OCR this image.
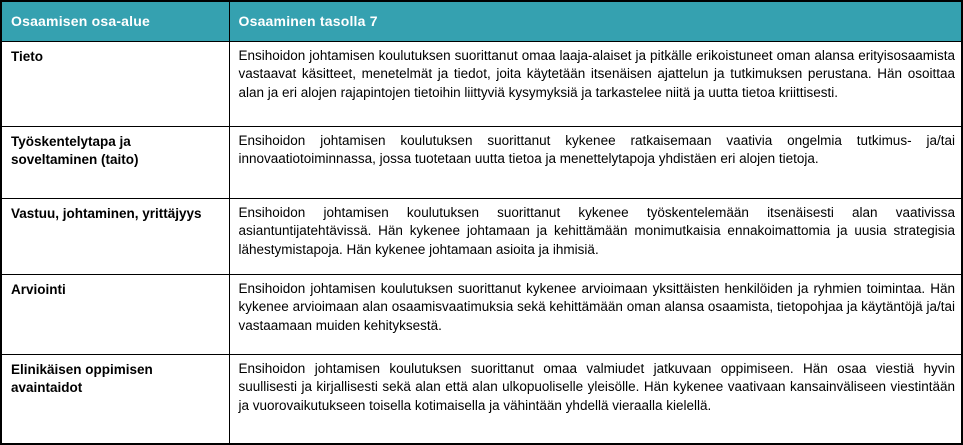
Osaamisen osa-alue	Osaaminen tasolla 7
Tieto	Ensihoidon johtamisen koulutuksen suorittanut omaa laaja-alaiset ja pitkälle erikoistuneet oman alansa erityisosaamista vastaavat käsitteet, menetelmät ja tiedot, joita käytetään itsenäisen ajattelun ja tutkimuksen perustana. Hän osoittaa alan ja eri alojen rajapintojen tietoihin liittyviä kysymyksiä ja tarkastelee niitä ja uutta tietoa kriittisesti.
Työskentelytapa ja soveltaminen (taito)	Ensihoidon johtamisen koulutuksen suorittanut kykenee ratkaisemaan vaativia ongelmia tutkimus- ja/tai innovaatiotoiminnassa, jossa tuotetaan uutta tietoa ja menettelytapoja yhdistäen eri alojen tietoja.
Vastuu, johtaminen, yrittäjyys	Ensihoidon johtamisen koulutuksen suorittanut kykenee työskentelemään itsenäisesti alan vaativissa asiantuntijatehtävissä. Hän kykenee johtamaan ja kehittämään monimutkaisia ennakoimattomia ja uusia strategisia lähestymistapoja. Hän kykenee johtamaan asioita ja ihmisiä.
Arviointi	Ensihoidon johtamisen koulutuksen suorittanut kykenee arvioimaan yksittäisten henkilöiden ja ryhmien toimintaa. Hän kykenee arvioimaan alan osaamisvaatimuksia sekä kehittämään oman alansa osaamista, tietopohjaa ja käytäntöjä ja/tai vastaamaan muiden kehityksestä.
Elinikäisen oppimisen avaintaidot	Ensihoidon johtamisen koulutuksen suorittanut omaa valmiudet jatkuvaan oppimiseen. Hän osaa viestiä hyvin suullisesti ja kirjallisesti sekä alan että alan ulkopuoliselle yleisölle. Hän kykenee vaativaan kansainväliseen viestintään ja vuorovaikutukseen toisella kotimaisella ja vähintään yhdellä vieraalla kielellä.
